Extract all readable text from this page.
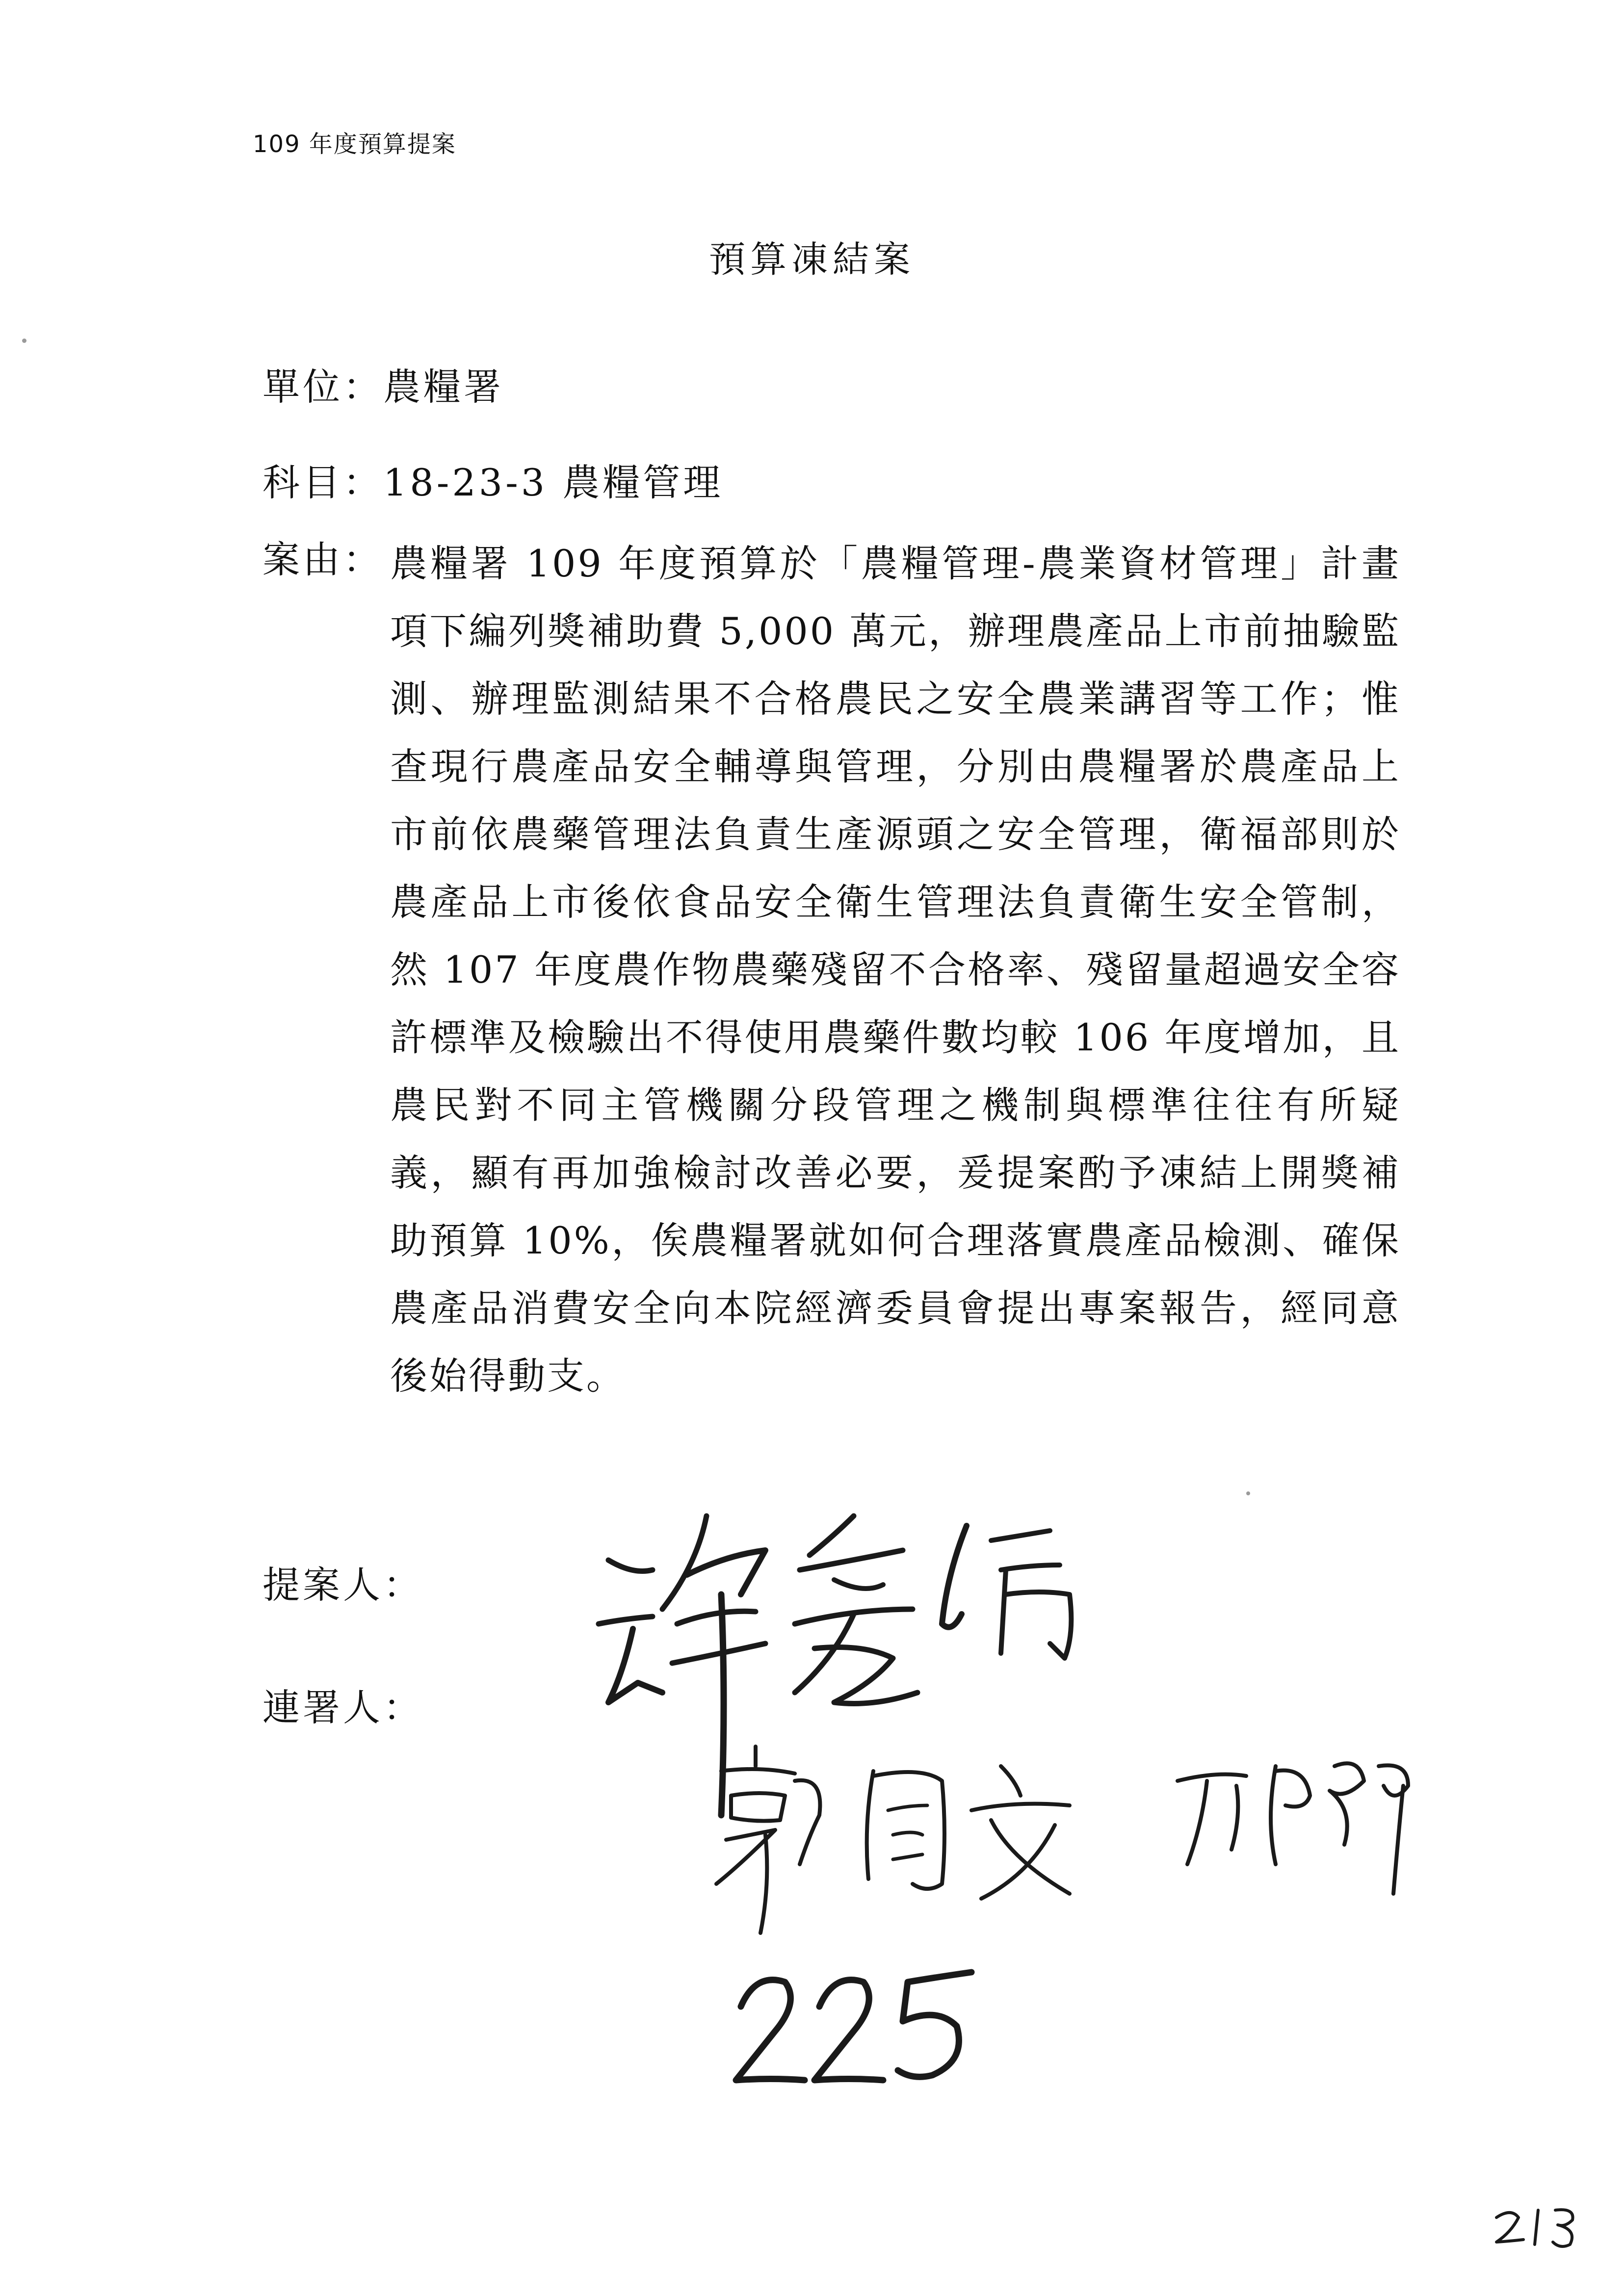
109 年度預算提案
預算凍結案
單位：農糧署
科目：18-23-3 農糧管理
案由： 農糧署 109 年度預算於「農糧管理-農業資材管理」計畫項下編列獎補助費 5,000 萬元，辦理農產品上市前抽驗監測、辦理監測結果不合格農民之安全農業講習等工作；惟查現行農產品安全輔導與管理，分別由農糧署於農產品上市前依農藥管理法負責生產源頭之安全管理，衛福部則於農產品上市後依食品安全衛生管理法負責衛生安全管制，然 107 年度農作物農藥殘留不合格率、殘留量超過安全容許標準及檢驗出不得使用農藥件數均較 106 年度增加，且農民對不同主管機關分段管理之機制與標準往往有所疑義，顯有再加強檢討改善必要，爰提案酌予凍結上開獎補助預算 10%，俟農糧署就如何合理落實農產品檢測、確保農產品消費安全向本院經濟委員會提出專案報告，經同意後始得動支。
提案人：
連署人：
